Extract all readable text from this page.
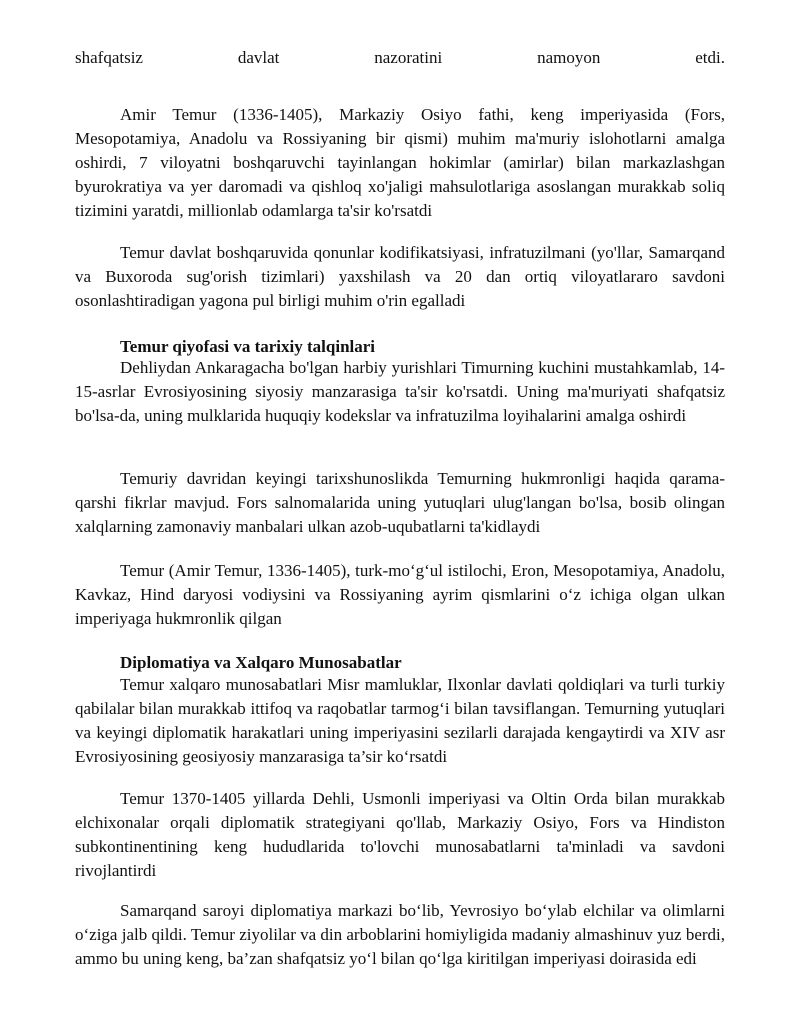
shafqatsiz	davlat	nazoratini	namoyon	etdi.

Amir Temur (1336-1405), Markaziy Osiyo fathi, keng imperiyasida (Fors, Mesopotamiya, Anadolu va Rossiyaning bir qismi) muhim ma'muriy islohotlarni amalga oshirdi, 7 viloyatni boshqaruvchi tayinlangan hokimlar (amirlar) bilan markazlashgan byurokratiya va yer daromadi va qishloq xo'jaligi mahsulotlariga asoslangan murakkab soliq tizimini yaratdi, millionlab odamlarga ta'sir ko'rsatdi

Temur davlat boshqaruvida qonunlar kodifikatsiyasi, infratuzilmani (yo'llar, Samarqand va Buxoroda sug'orish tizimlari) yaxshilash va 20 dan ortiq viloyatlararo savdoni osonlashtiradigan yagona pul birligi muhim o'rin egalladi

Temur qiyofasi va tarixiy talqinlari

Dehliydan Ankaragacha bo'lgan harbiy yurishlari Timurning kuchini mustahkamlab, 14-15-asrlar Evrosiyosining siyosiy manzarasiga ta'sir ko'rsatdi. Uning ma'muriyati shafqatsiz bo'lsa-da, uning mulklarida huquqiy kodekslar va infratuzilma loyihalarini amalga oshirdi

Temuriy davridan keyingi tarixshunoslikda Temurning hukmronligi haqida qarama-qarshi fikrlar mavjud. Fors salnomalarida uning yutuqlari ulug'langan bo'lsa, bosib olingan xalqlarning zamonaviy manbalari ulkan azob-uqubatlarni ta'kidlaydi

Temur (Amir Temur, 1336-1405), turk-mo‘g‘ul istilochi, Eron, Mesopotamiya, Anadolu, Kavkaz, Hind daryosi vodiysini va Rossiyaning ayrim qismlarini o‘z ichiga olgan ulkan imperiyaga hukmronlik qilgan

Diplomatiya va Xalqaro Munosabatlar

Temur xalqaro munosabatlari Misr mamluklar, Ilxonlar davlati qoldiqlari va turli turkiy qabilalar bilan murakkab ittifoq va raqobatlar tarmog‘i bilan tavsiflangan. Temurning yutuqlari va keyingi diplomatik harakatlari uning imperiyasini sezilarli darajada kengaytirdi va XIV asr Evrosiyosining geosiyosiy manzarasiga ta’sir ko‘rsatdi

Temur 1370-1405 yillarda Dehli, Usmonli imperiyasi va Oltin Orda bilan murakkab elchixonalar orqali diplomatik strategiyani qo'llab, Markaziy Osiyo, Fors va Hindiston subkontinentining keng hududlarida to'lovchi munosabatlarni ta'minladi va savdoni rivojlantirdi

Samarqand saroyi diplomatiya markazi bo‘lib, Yevrosiyo bo‘ylab elchilar va olimlarni o‘ziga jalb qildi. Temur ziyolilar va din arboblarini homiyligida madaniy almashinuv yuz berdi, ammo bu uning keng, ba’zan shafqatsiz yo‘l bilan qo‘lga kiritilgan imperiyasi doirasida edi
